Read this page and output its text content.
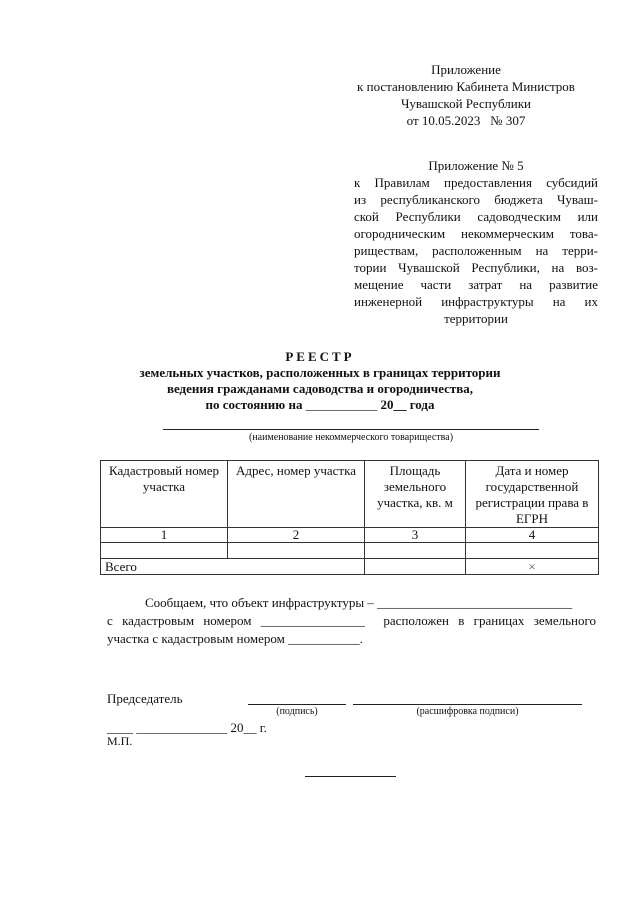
Приложение
к постановлению Кабинета Министров
Чувашской Республики
от 10.05.2023   № 307
Приложение № 5
к Правилам предоставления субсидий
из республиканского бюджета Чуваш-
ской Республики садоводческим или
огородническим некоммерческим това-
риществам, расположенным на терри-
тории Чувашской Республики, на воз-
мещение части затрат на развитие
инженерной инфраструктуры на их
территории
РЕЕСТР
земельных участков, расположенных в границах территории
ведения гражданами садоводства и огородничества,
по состоянию на ___________ 20__ года
(наименование некоммерческого товарищества)
Кадастровый номер участка	Адрес, номер участка	Площадь земельного участка, кв. м	Дата и номер государственной регистрации права в ЕГРН
1	2	3	4

Всего			×
Сообщаем, что объект инфраструктуры – ______________________________
с кадастровым номером ________________  расположен в границах земельного
участка с кадастровым номером ___________.
Председатель
(подпись)	(расшифровка подписи)
____ ______________ 20__ г.
М.П.
